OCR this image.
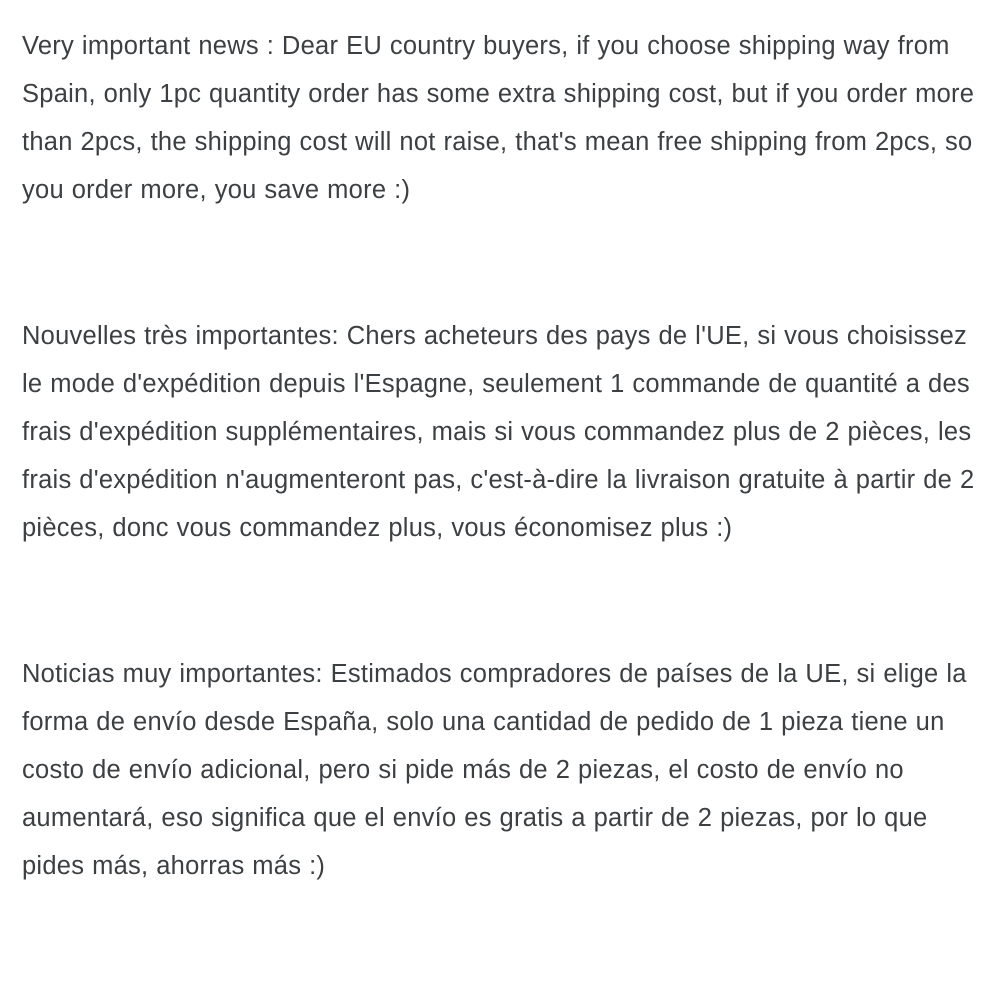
Very important news : Dear EU country buyers, if you choose shipping way from Spain, only 1pc quantity order has some extra shipping cost, but if you order more than 2pcs, the shipping cost will not raise, that's mean free shipping from 2pcs, so you order more, you save more :)

Nouvelles très importantes: Chers acheteurs des pays de l'UE, si vous choisissez le mode d'expédition depuis l'Espagne, seulement 1 commande de quantité a des frais d'expédition supplémentaires, mais si vous commandez plus de 2 pièces, les frais d'expédition n'augmenteront pas, c'est-à-dire la livraison gratuite à partir de 2 pièces, donc vous commandez plus, vous économisez plus :)

Noticias muy importantes: Estimados compradores de países de la UE, si elige la forma de envío desde España, solo una cantidad de pedido de 1 pieza tiene un costo de envío adicional, pero si pide más de 2 piezas, el costo de envío no aumentará, eso significa que el envío es gratis a partir de 2 piezas, por lo que pides más, ahorras más :)
